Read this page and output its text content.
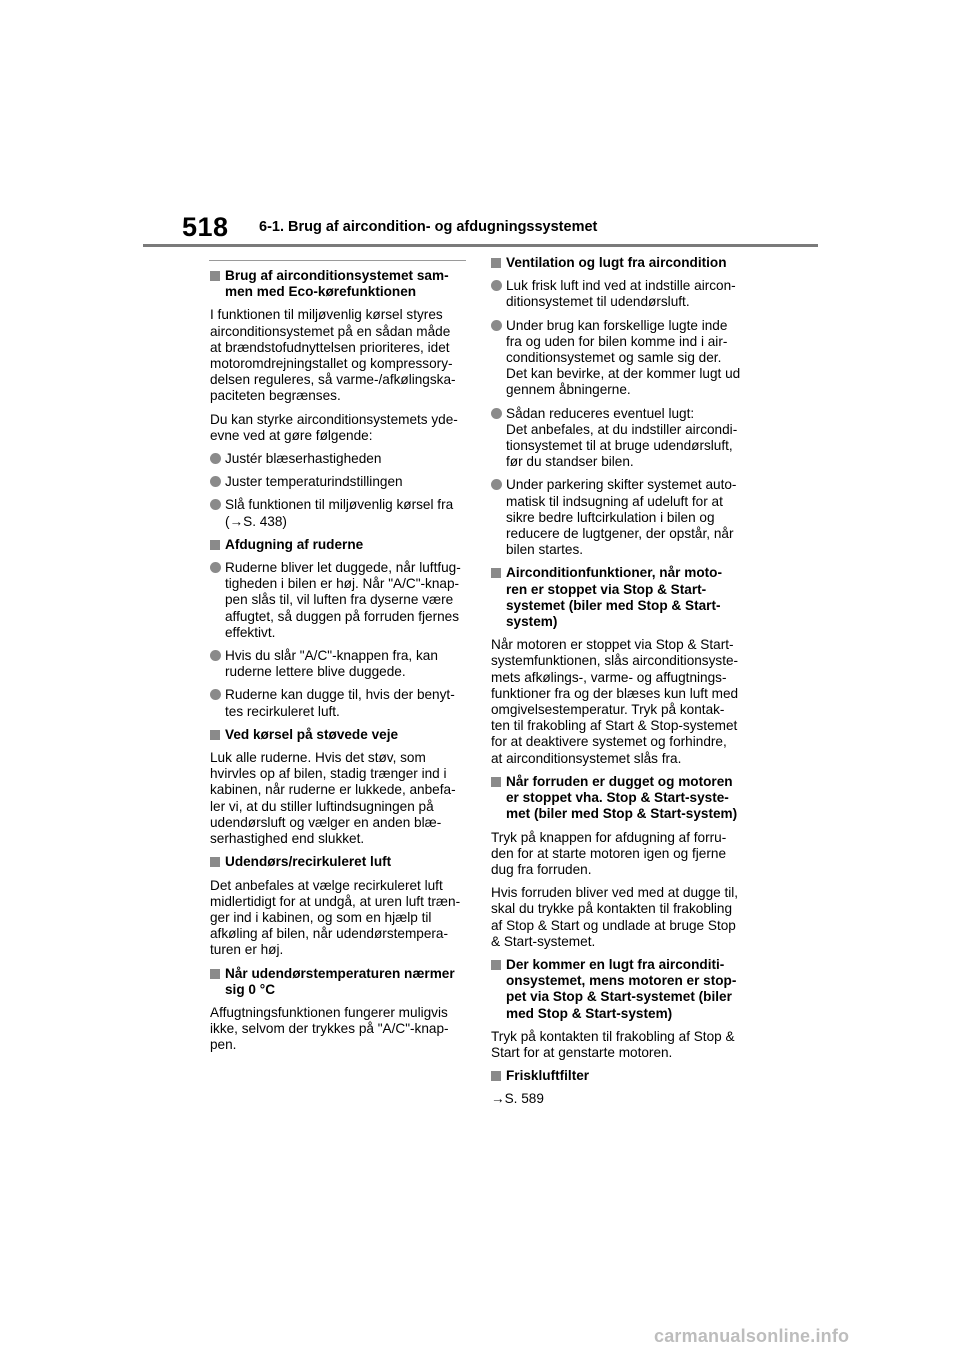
518 6-1. Brug af aircondition- og afdugningssystemet
Brug af airconditionsystemet sam-
men med Eco-kørefunktionen
I funktionen til miljøvenlig kørsel styres
airconditionsystemet på en sådan måde
at brændstofudnyttelsen prioriteres, idet
motoromdrejningstallet og kompressory-
delsen reguleres, så varme-/afkølingska-
paciteten begrænses.
Du kan styrke airconditionsystemets yde-
evne ved at gøre følgende:
Justér blæserhastigheden
Juster temperaturindstillingen
Slå funktionen til miljøvenlig kørsel fra
(→S. 438)
Afdugning af ruderne
Ruderne bliver let duggede, når luftfug-
tigheden i bilen er høj. Når "A/C"-knap-
pen slås til, vil luften fra dyserne være
affugtet, så duggen på forruden fjernes
effektivt.
Hvis du slår "A/C"-knappen fra, kan
ruderne lettere blive duggede.
Ruderne kan dugge til, hvis der benyt-
tes recirkuleret luft.
Ved kørsel på støvede veje
Luk alle ruderne. Hvis det støv, som
hvirvles op af bilen, stadig trænger ind i
kabinen, når ruderne er lukkede, anbefa-
ler vi, at du stiller luftindsugningen på
udendørsluft og vælger en anden blæ-
serhastighed end slukket.
Udendørs/recirkuleret luft
Det anbefales at vælge recirkuleret luft
midlertidigt for at undgå, at uren luft træn-
ger ind i kabinen, og som en hjælp til
afkøling af bilen, når udendørstempera-
turen er høj.
Når udendørstemperaturen nærmer
sig 0 °C
Affugtningsfunktionen fungerer muligvis
ikke, selvom der trykkes på "A/C"-knap-
pen.
Ventilation og lugt fra aircondition
Luk frisk luft ind ved at indstille aircon-
ditionsystemet til udendørsluft.
Under brug kan forskellige lugte inde
fra og uden for bilen komme ind i air-
conditionsystemet og samle sig der.
Det kan bevirke, at der kommer lugt ud
gennem åbningerne.
Sådan reduceres eventuel lugt:
Det anbefales, at du indstiller aircondi-
tionsystemet til at bruge udendørsluft,
før du standser bilen.
Under parkering skifter systemet auto-
matisk til indsugning af udeluft for at
sikre bedre luftcirkulation i bilen og
reducere de lugtgener, der opstår, når
bilen startes.
Airconditionfunktioner, når moto-
ren er stoppet via Stop & Start-
systemet (biler med Stop & Start-
system)
Når motoren er stoppet via Stop & Start-
systemfunktionen, slås airconditionsyste-
mets afkølings-, varme- og affugtnings-
funktioner fra og der blæses kun luft med
omgivelsestemperatur. Tryk på kontak-
ten til frakobling af Start & Stop-systemet
for at deaktivere systemet og forhindre,
at airconditionsystemet slås fra.
Når forruden er dugget og motoren
er stoppet vha. Stop & Start-syste-
met (biler med Stop & Start-system)
Tryk på knappen for afdugning af forru-
den for at starte motoren igen og fjerne
dug fra forruden.
Hvis forruden bliver ved med at dugge til,
skal du trykke på kontakten til frakobling
af Stop & Start og undlade at bruge Stop
& Start-systemet.
Der kommer en lugt fra airconditi-
onsystemet, mens motoren er stop-
pet via Stop & Start-systemet (biler
med Stop & Start-system)
Tryk på kontakten til frakobling af Stop &
Start for at genstarte motoren.
Friskluftfilter
→S. 589
carmanualsonline.info
